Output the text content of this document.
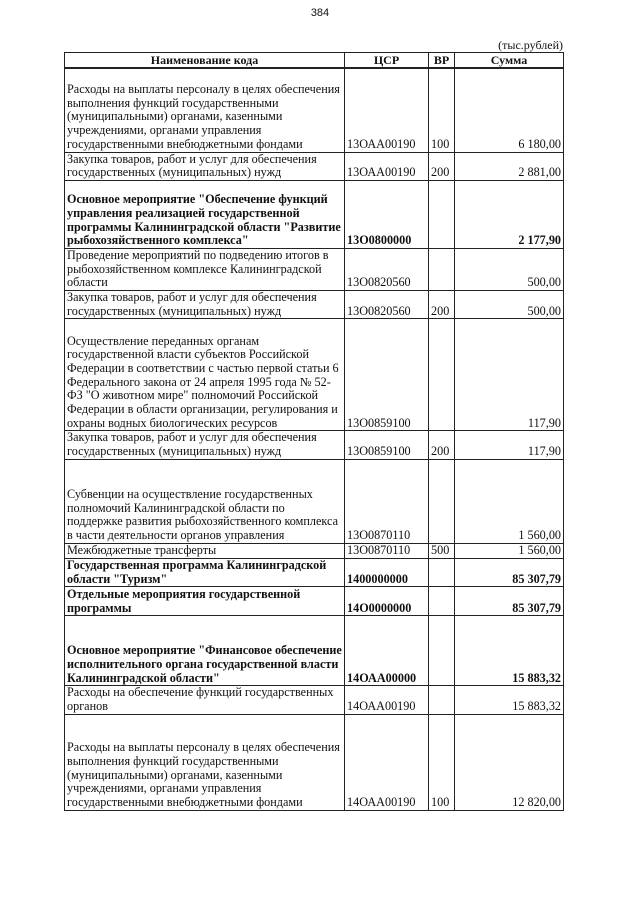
384
(тыс.рублей)
Наименование кода	ЦСР	ВР	Сумма
Расходы на выплаты персоналу в целях обеспечения выполнения функций государственными (муниципальными) органами, казенными учреждениями, органами управления государственными внебюджетными фондами	13ОАА00190	100	6 180,00
Закупка товаров, работ и услуг для обеспечения государственных (муниципальных) нужд	13ОАА00190	200	2 881,00
Основное мероприятие "Обеспечение функций управления реализацией государственной программы Калининградской области "Развитие рыбохозяйственного комплекса"	13О0800000		2 177,90
Проведение мероприятий по подведению итогов в рыбохозяйственном комплексе Калининградской области	13О0820560		500,00
Закупка товаров, работ и услуг для обеспечения государственных (муниципальных) нужд	13О0820560	200	500,00
Осуществление переданных органам государственной власти субъектов Российской Федерации в соответствии с частью первой статьи 6 Федерального закона от 24 апреля 1995 года № 52-ФЗ "О животном мире" полномочий Российской Федерации в области организации, регулирования и охраны водных биологических ресурсов	13О0859100		117,90
Закупка товаров, работ и услуг для обеспечения государственных (муниципальных) нужд	13О0859100	200	117,90
Субвенции на осуществление государственных полномочий Калининградской области по поддержке развития рыбохозяйственного комплекса в части деятельности органов управления	13О0870110		1 560,00
Межбюджетные трансферты	13О0870110	500	1 560,00
Государственная программа Калининградской области "Туризм"	1400000000		85 307,79
Отдельные мероприятия государственной программы	14О0000000		85 307,79
Основное мероприятие "Финансовое обеспечение исполнительного органа государственной власти Калининградской области"	14ОАА00000		15 883,32
Расходы на обеспечение функций государственных органов	14ОАА00190		15 883,32
Расходы на выплаты персоналу в целях обеспечения выполнения функций государственными (муниципальными) органами, казенными учреждениями, органами управления государственными внебюджетными фондами	14ОАА00190	100	12 820,00
